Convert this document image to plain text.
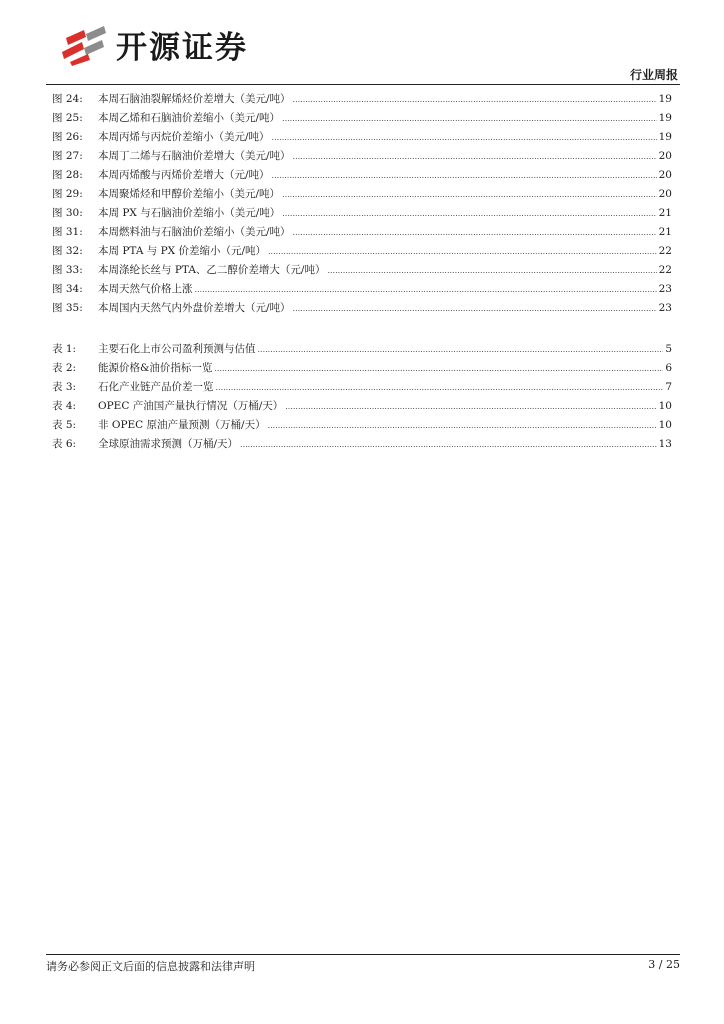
开源证券
行业周报
图 24:	本周石脑油裂解烯烃价差增大（美元/吨） .....	19
图 25:	本周乙烯和石脑油价差缩小（美元/吨） .....	19
图 26:	本周丙烯与丙烷价差缩小（美元/吨） .....	19
图 27:	本周丁二烯与石脑油价差增大（美元/吨） .....	20
图 28:	本周丙烯酸与丙烯价差增大（元/吨） .....	20
图 29:	本周聚烯烃和甲醇价差缩小（美元/吨） .....	20
图 30:	本周 PX 与石脑油价差缩小（美元/吨） .....	21
图 31:	本周燃料油与石脑油价差缩小（美元/吨） .....	21
图 32:	本周 PTA 与 PX 价差缩小（元/吨） .....	22
图 33:	本周涤纶长丝与 PTA、乙二醇价差增大（元/吨） .....	22
图 34:	本周天然气价格上涨 .....	23
图 35:	本周国内天然气内外盘价差增大（元/吨） .....	23
表 1:	主要石化上市公司盈利预测与估值 .....	5
表 2:	能源价格&油价指标一览 .....	6
表 3:	石化产业链产品价差一览 .....	7
表 4:	OPEC 产油国产量执行情况（万桶/天） .....	10
表 5:	非 OPEC 原油产量预测（万桶/天） .....	10
表 6:	全球原油需求预测（万桶/天） .....	13
请务必参阅正文后面的信息披露和法律声明	3 / 25
